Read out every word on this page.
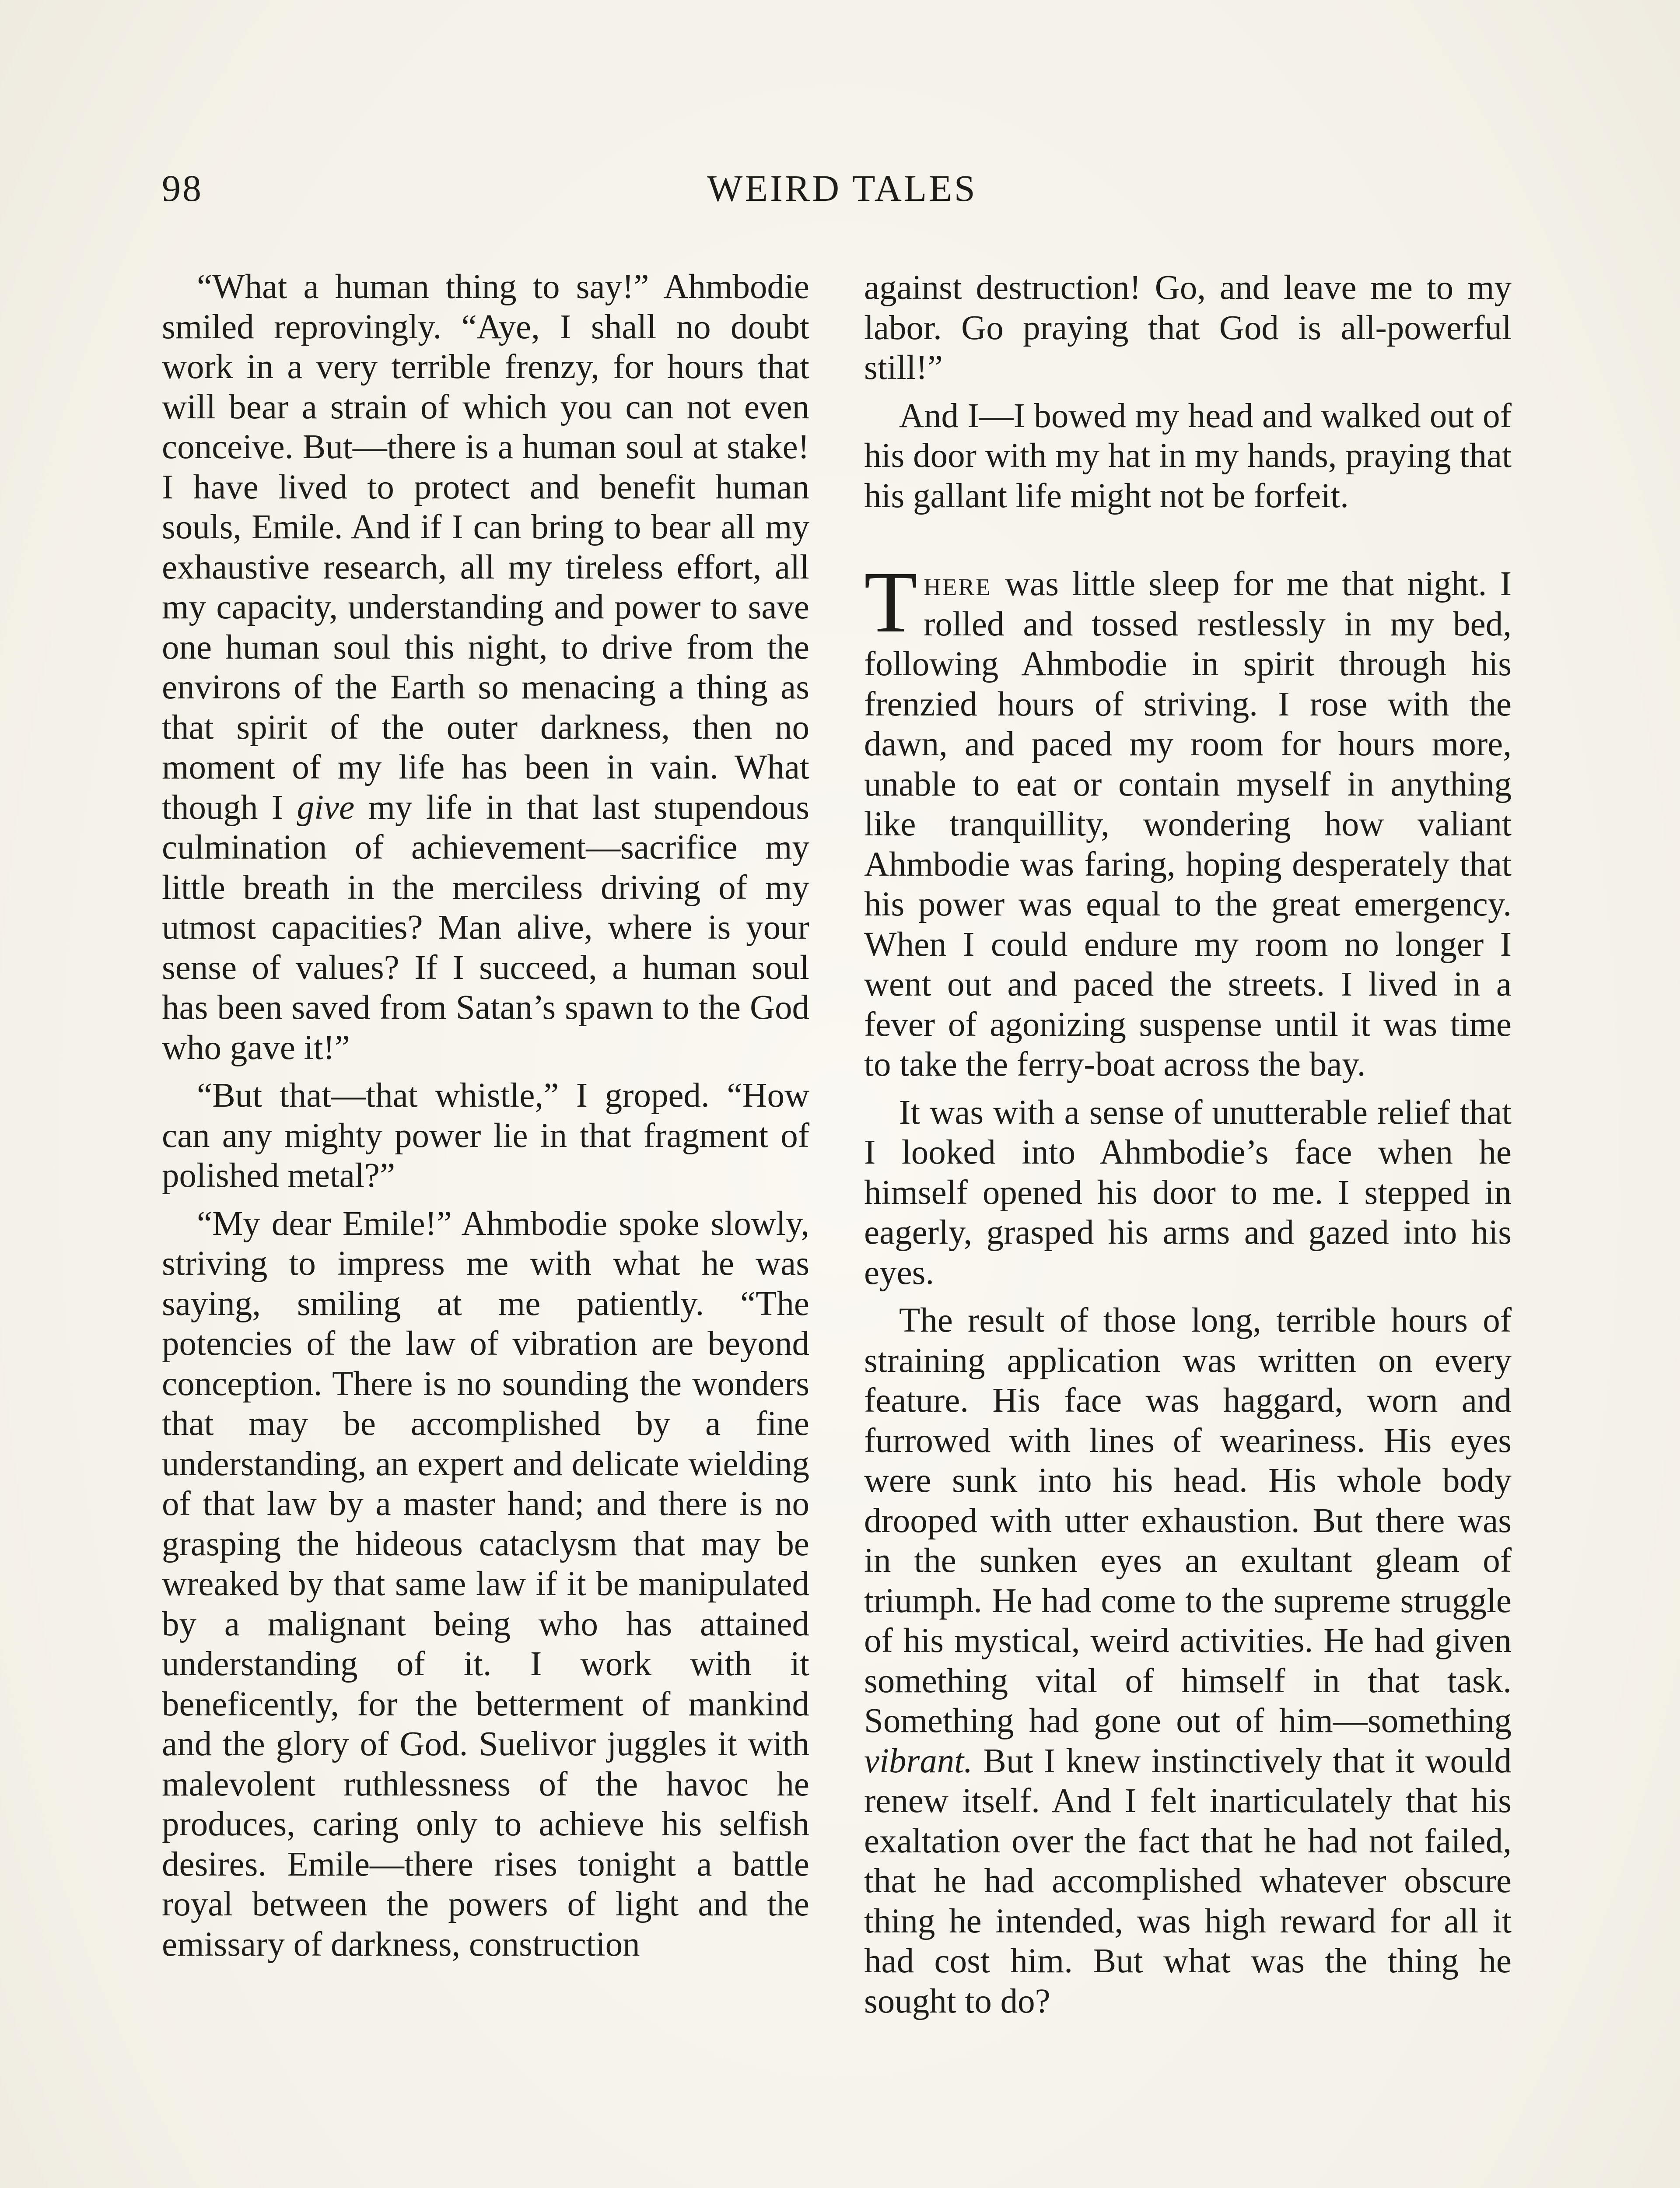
98	WEIRD TALES

“What a human thing to say!” Ahmbodie smiled reprovingly. “Aye, I shall no doubt work in a very terrible frenzy, for hours that will bear a strain of which you can not even conceive. But—there is a human soul at stake! I have lived to protect and benefit human souls, Emile. And if I can bring to bear all my exhaustive research, all my tireless effort, all my capacity, understanding and power to save one human soul this night, to drive from the environs of the Earth so menacing a thing as that spirit of the outer darkness, then no moment of my life has been in vain. What though I give my life in that last stupendous culmination of achievement—sacrifice my little breath in the merciless driving of my utmost capacities? Man alive, where is your sense of values? If I succeed, a human soul has been saved from Satan’s spawn to the God who gave it!”

“But that—that whistle,” I groped. “How can any mighty power lie in that fragment of polished metal?”

“My dear Emile!” Ahmbodie spoke slowly, striving to impress me with what he was saying, smiling at me patiently. “The potencies of the law of vibration are beyond conception. There is no sounding the wonders that may be accomplished by a fine understanding, an expert and delicate wielding of that law by a master hand; and there is no grasping the hideous cataclysm that may be wreaked by that same law if it be manipulated by a malignant being who has attained understanding of it. I work with it beneficently, for the betterment of mankind and the glory of God. Suelivor juggles it with malevolent ruthlessness of the havoc he produces, caring only to achieve his selfish desires. Emile—there rises tonight a battle royal between the powers of light and the emissary of darkness, construction

against destruction! Go, and leave me to my labor. Go praying that God is all-powerful still!”

And I—I bowed my head and walked out of his door with my hat in my hands, praying that his gallant life might not be forfeit.

There was little sleep for me that night. I rolled and tossed restlessly in my bed, following Ahmbodie in spirit through his frenzied hours of striving. I rose with the dawn, and paced my room for hours more, unable to eat or contain myself in anything like tranquillity, wondering how valiant Ahmbodie was faring, hoping desperately that his power was equal to the great emergency. When I could endure my room no longer I went out and paced the streets. I lived in a fever of agonizing suspense until it was time to take the ferry-boat across the bay.

It was with a sense of unutterable relief that I looked into Ahmbodie’s face when he himself opened his door to me. I stepped in eagerly, grasped his arms and gazed into his eyes.

The result of those long, terrible hours of straining application was written on every feature. His face was haggard, worn and furrowed with lines of weariness. His eyes were sunk into his head. His whole body drooped with utter exhaustion. But there was in the sunken eyes an exultant gleam of triumph. He had come to the supreme struggle of his mystical, weird activities. He had given something vital of himself in that task. Something had gone out of him—something vibrant. But I knew instinctively that it would renew itself. And I felt inarticulately that his exaltation over the fact that he had not failed, that he had accomplished whatever obscure thing he intended, was high reward for all it had cost him. But what was the thing he sought to do?
